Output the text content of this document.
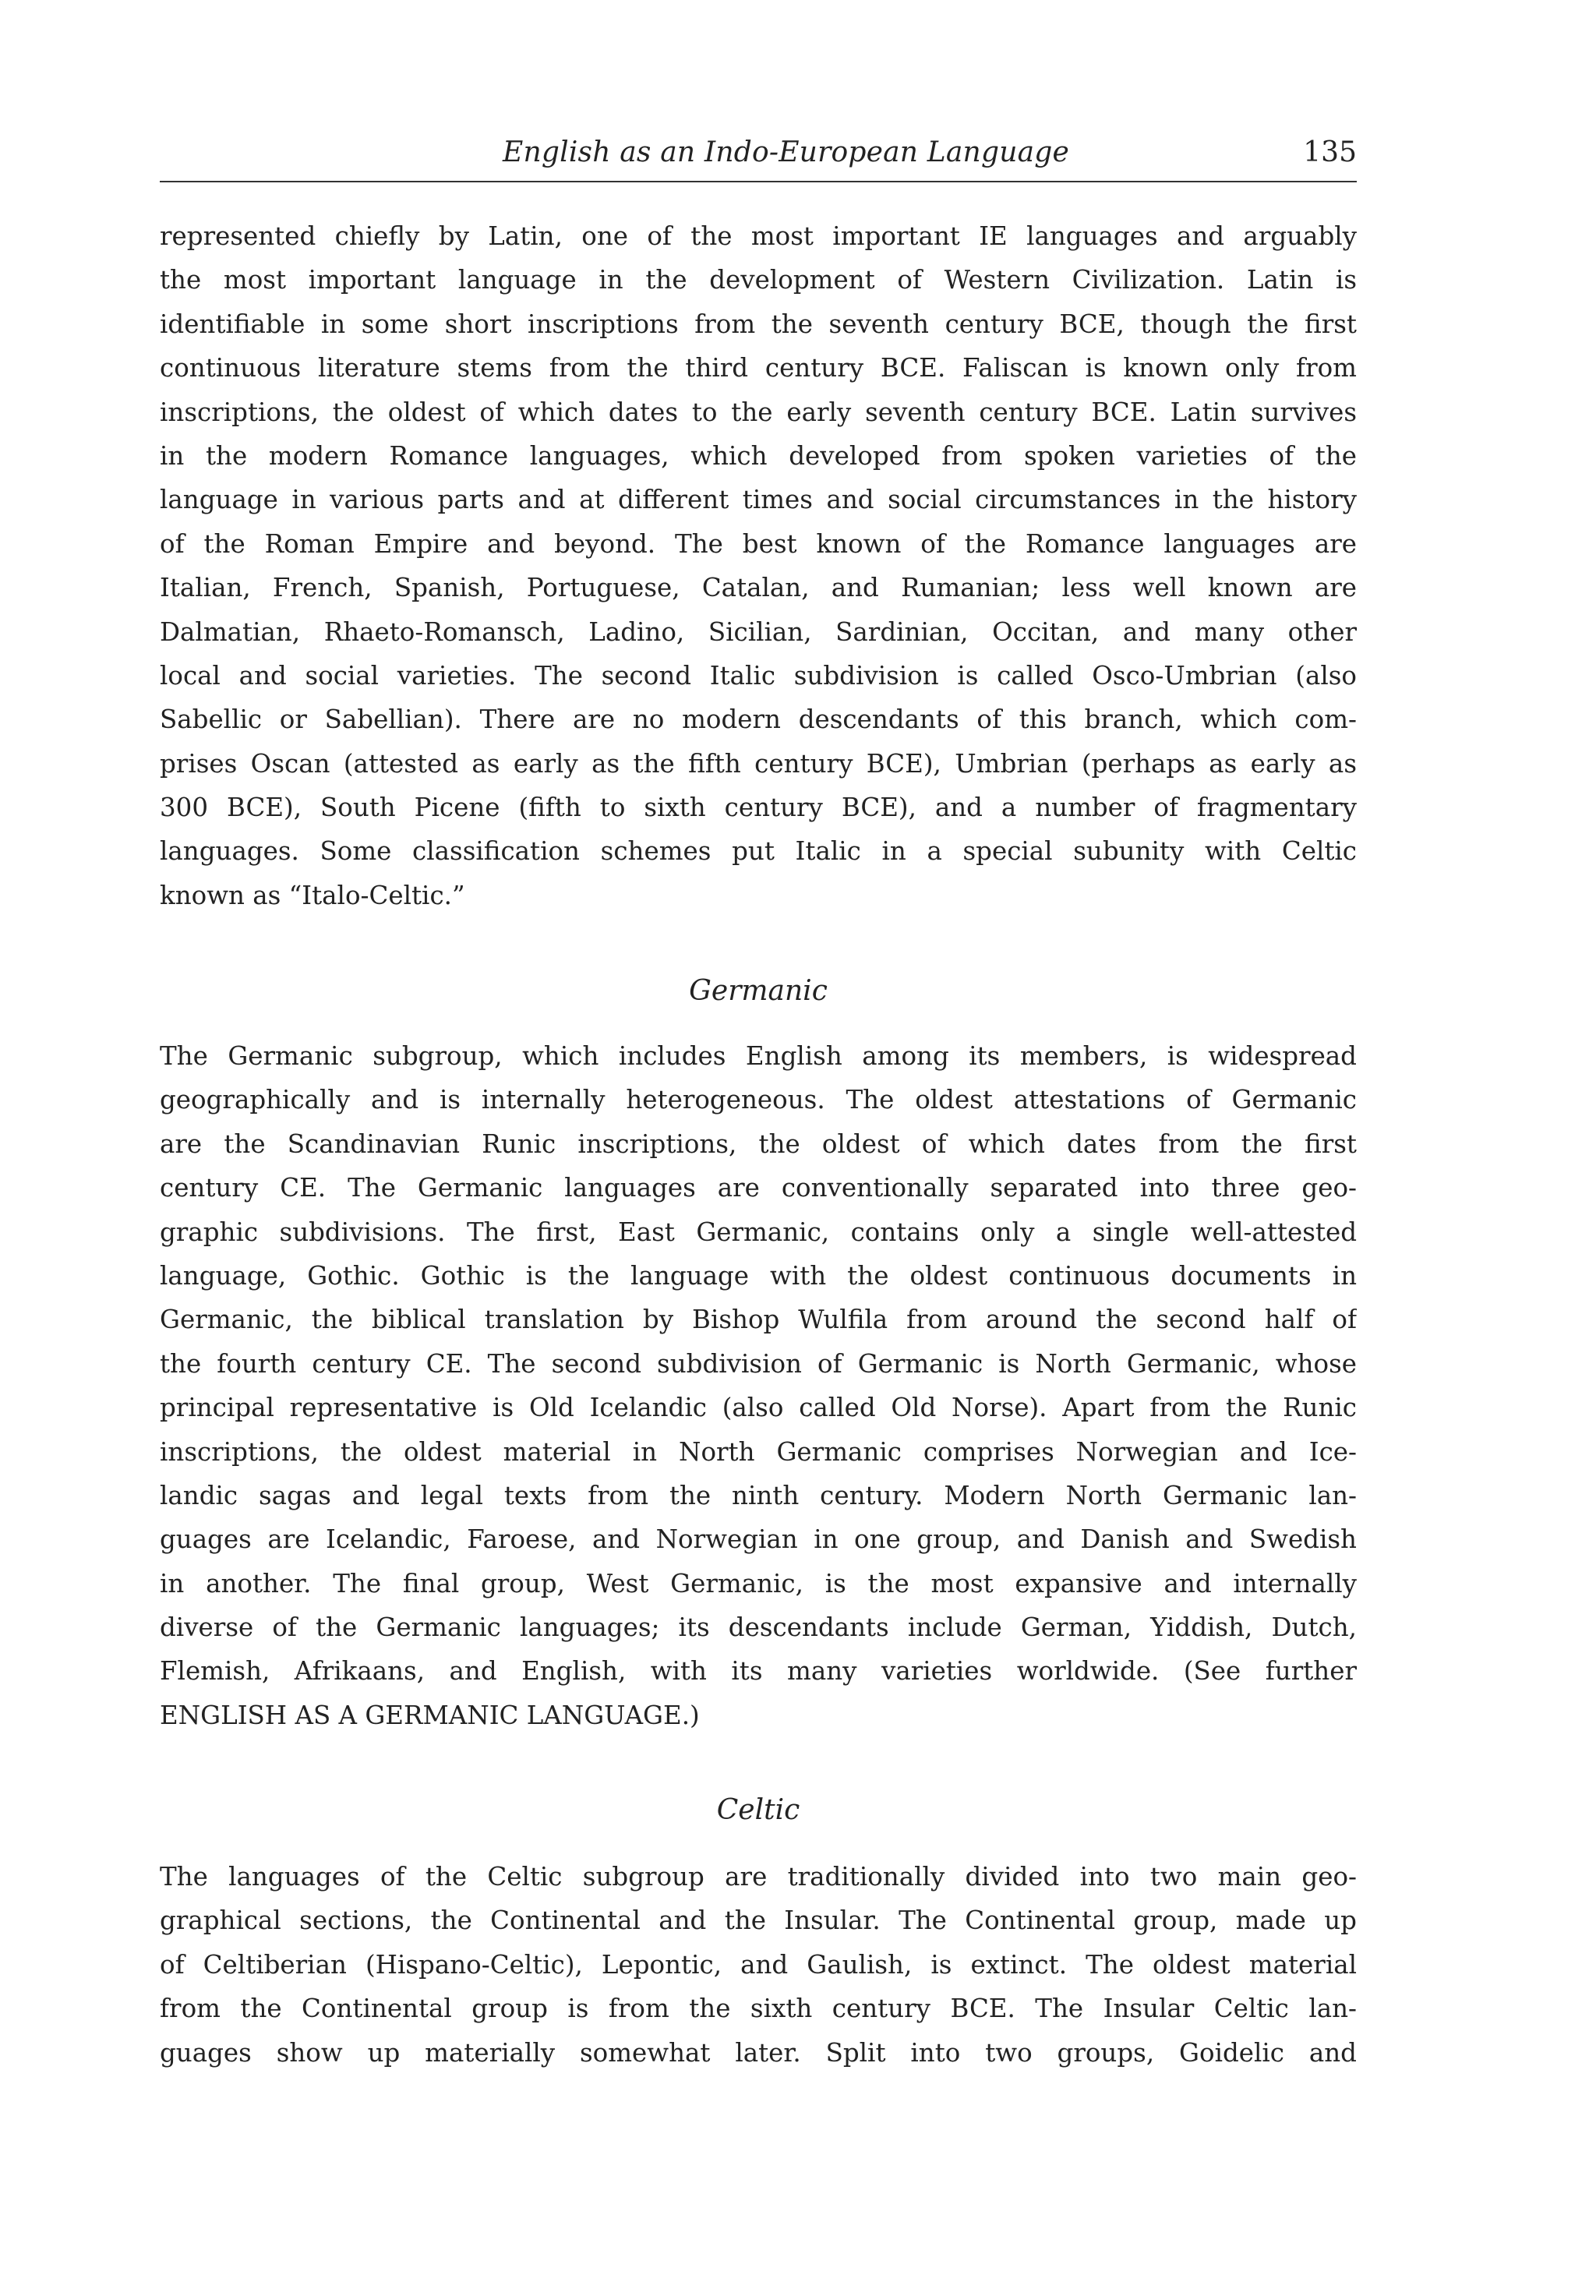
English as an Indo-European Language	135
represented chiefly by Latin, one of the most important IE languages and arguably
the most important language in the development of Western Civilization. Latin is
identifiable in some short inscriptions from the seventh century BCE, though the first
continuous literature stems from the third century BCE. Faliscan is known only from
inscriptions, the oldest of which dates to the early seventh century BCE. Latin survives
in the modern Romance languages, which developed from spoken varieties of the
language in various parts and at different times and social circumstances in the history
of the Roman Empire and beyond. The best known of the Romance languages are
Italian, French, Spanish, Portuguese, Catalan, and Rumanian; less well known are
Dalmatian, Rhaeto-Romansch, Ladino, Sicilian, Sardinian, Occitan, and many other
local and social varieties. The second Italic subdivision is called Osco-Umbrian (also
Sabellic or Sabellian). There are no modern descendants of this branch, which com-
prises Oscan (attested as early as the fifth century BCE), Umbrian (perhaps as early as
300 BCE), South Picene (fifth to sixth century BCE), and a number of fragmentary
languages. Some classification schemes put Italic in a special subunity with Celtic
known as “Italo-Celtic.”
Germanic
The Germanic subgroup, which includes English among its members, is widespread
geographically and is internally heterogeneous. The oldest attestations of Germanic
are the Scandinavian Runic inscriptions, the oldest of which dates from the first
century CE. The Germanic languages are conventionally separated into three geo-
graphic subdivisions. The first, East Germanic, contains only a single well-attested
language, Gothic. Gothic is the language with the oldest continuous documents in
Germanic, the biblical translation by Bishop Wulfila from around the second half of
the fourth century CE. The second subdivision of Germanic is North Germanic, whose
principal representative is Old Icelandic (also called Old Norse). Apart from the Runic
inscriptions, the oldest material in North Germanic comprises Norwegian and Ice-
landic sagas and legal texts from the ninth century. Modern North Germanic lan-
guages are Icelandic, Faroese, and Norwegian in one group, and Danish and Swedish
in another. The final group, West Germanic, is the most expansive and internally
diverse of the Germanic languages; its descendants include German, Yiddish, Dutch,
Flemish, Afrikaans, and English, with its many varieties worldwide. (See further
ENGLISH AS A GERMANIC LANGUAGE.)
Celtic
The languages of the Celtic subgroup are traditionally divided into two main geo-
graphical sections, the Continental and the Insular. The Continental group, made up
of Celtiberian (Hispano-Celtic), Lepontic, and Gaulish, is extinct. The oldest material
from the Continental group is from the sixth century BCE. The Insular Celtic lan-
guages show up materially somewhat later. Split into two groups, Goidelic and
